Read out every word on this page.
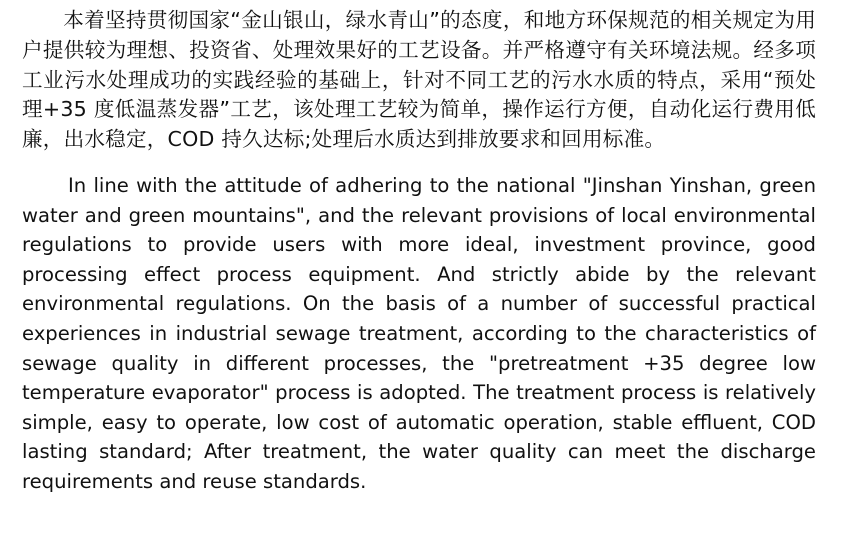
本着坚持贯彻国家“金山银山，绿水青山”的态度，和地方环保规范的相关规定为用户提供较为理想、投资省、处理效果好的工艺设备。并严格遵守有关环境法规。经多项工业污水处理成功的实践经验的基础上，针对不同工艺的污水水质的特点，采用“预处理+35 度低温蒸发器”工艺，该处理工艺较为简单，操作运行方便，自动化运行费用低廉，出水稳定，COD 持久达标;处理后水质达到排放要求和回用标准。

In line with the attitude of adhering to the national "Jinshan Yinshan, green water and green mountains", and the relevant provisions of local environmental regulations to provide users with more ideal, investment province, good processing effect process equipment. And strictly abide by the relevant environmental regulations. On the basis of a number of successful practical experiences in industrial sewage treatment, according to the characteristics of sewage quality in different processes, the "pretreatment +35 degree low temperature evaporator" process is adopted. The treatment process is relatively simple, easy to operate, low cost of automatic operation, stable effluent, COD lasting standard; After treatment, the water quality can meet the discharge requirements and reuse standards.
